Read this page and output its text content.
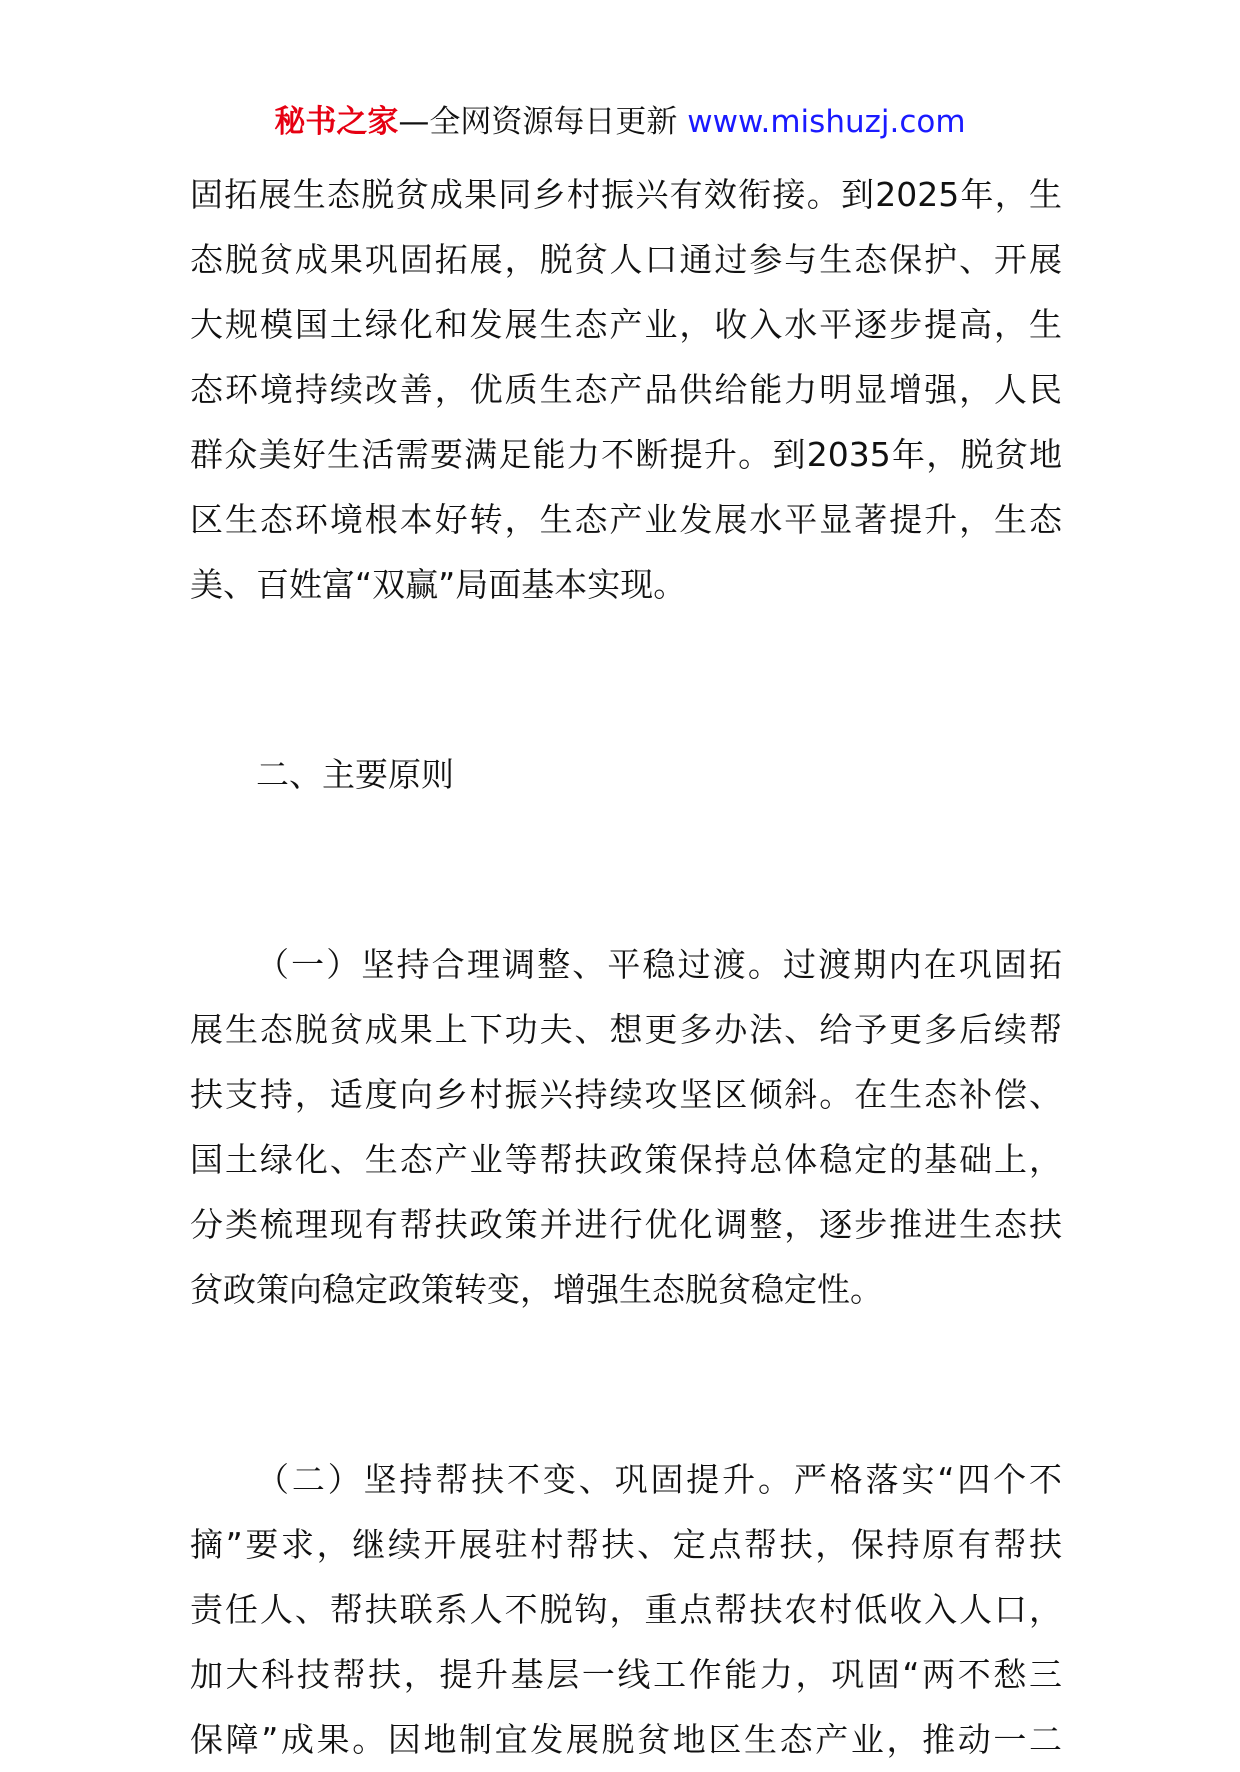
秘书之家—全网资源每日更新 www.mishuzj.com
固拓展生态脱贫成果同乡村振兴有效衔接。到2025年，生
态脱贫成果巩固拓展，脱贫人口通过参与生态保护、开展
大规模国土绿化和发展生态产业，收入水平逐步提高，生
态环境持续改善，优质生态产品供给能力明显增强，人民
群众美好生活需要满足能力不断提升。到2035年，脱贫地
区生态环境根本好转，生态产业发展水平显著提升，生态
美、百姓富“双赢”局面基本实现。
二、主要原则
（一）坚持合理调整、平稳过渡。过渡期内在巩固拓
展生态脱贫成果上下功夫、想更多办法、给予更多后续帮
扶支持，适度向乡村振兴持续攻坚区倾斜。在生态补偿、
国土绿化、生态产业等帮扶政策保持总体稳定的基础上，
分类梳理现有帮扶政策并进行优化调整，逐步推进生态扶
贫政策向稳定政策转变，增强生态脱贫稳定性。
（二）坚持帮扶不变、巩固提升。严格落实“四个不
摘”要求，继续开展驻村帮扶、定点帮扶，保持原有帮扶
责任人、帮扶联系人不脱钩，重点帮扶农村低收入人口，
加大科技帮扶，提升基层一线工作能力，巩固“两不愁三
保障”成果。因地制宜发展脱贫地区生态产业，推动一二
